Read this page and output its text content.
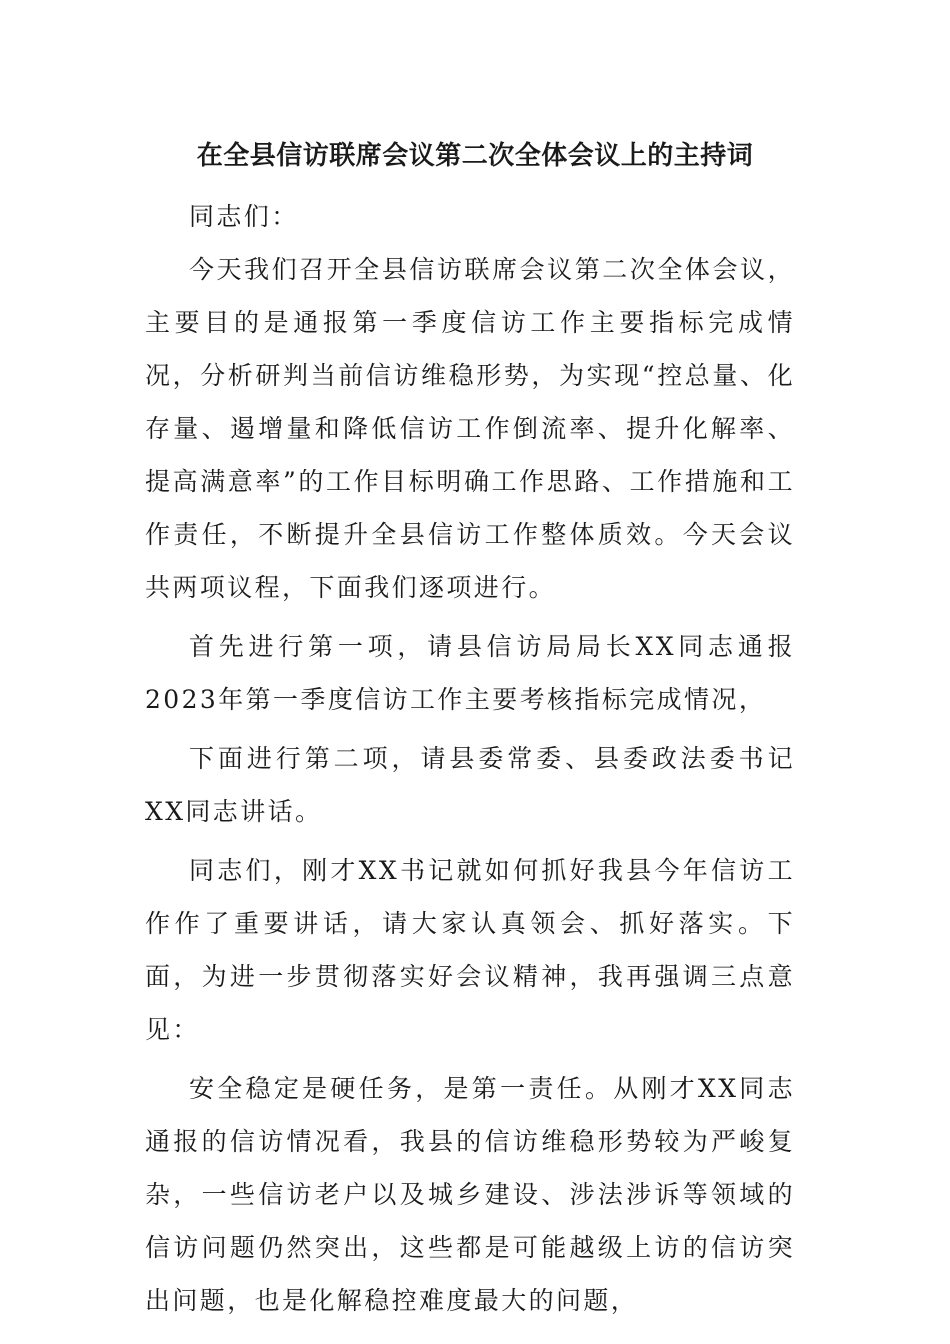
在全县信访联席会议第二次全体会议上的主持词

同志们：

今天我们召开全县信访联席会议第二次全体会议，主要目的是通报第一季度信访工作主要指标完成情况，分析研判当前信访维稳形势，为实现“控总量、化存量、遏增量和降低信访工作倒流率、提升化解率、提高满意率”的工作目标明确工作思路、工作措施和工作责任，不断提升全县信访工作整体质效。今天会议共两项议程，下面我们逐项进行。

首先进行第一项，请县信访局局长XX同志通报2023年第一季度信访工作主要考核指标完成情况，

下面进行第二项，请县委常委、县委政法委书记XX同志讲话。

同志们，刚才XX书记就如何抓好我县今年信访工作作了重要讲话，请大家认真领会、抓好落实。下面，为进一步贯彻落实好会议精神，我再强调三点意见：

安全稳定是硬任务，是第一责任。从刚才XX同志通报的信访情况看，我县的信访维稳形势较为严峻复杂，一些信访老户以及城乡建设、涉法涉诉等领域的信访问题仍然突出，这些都是可能越级上访的信访突出问题，也是化解稳控难度最大的问题，
